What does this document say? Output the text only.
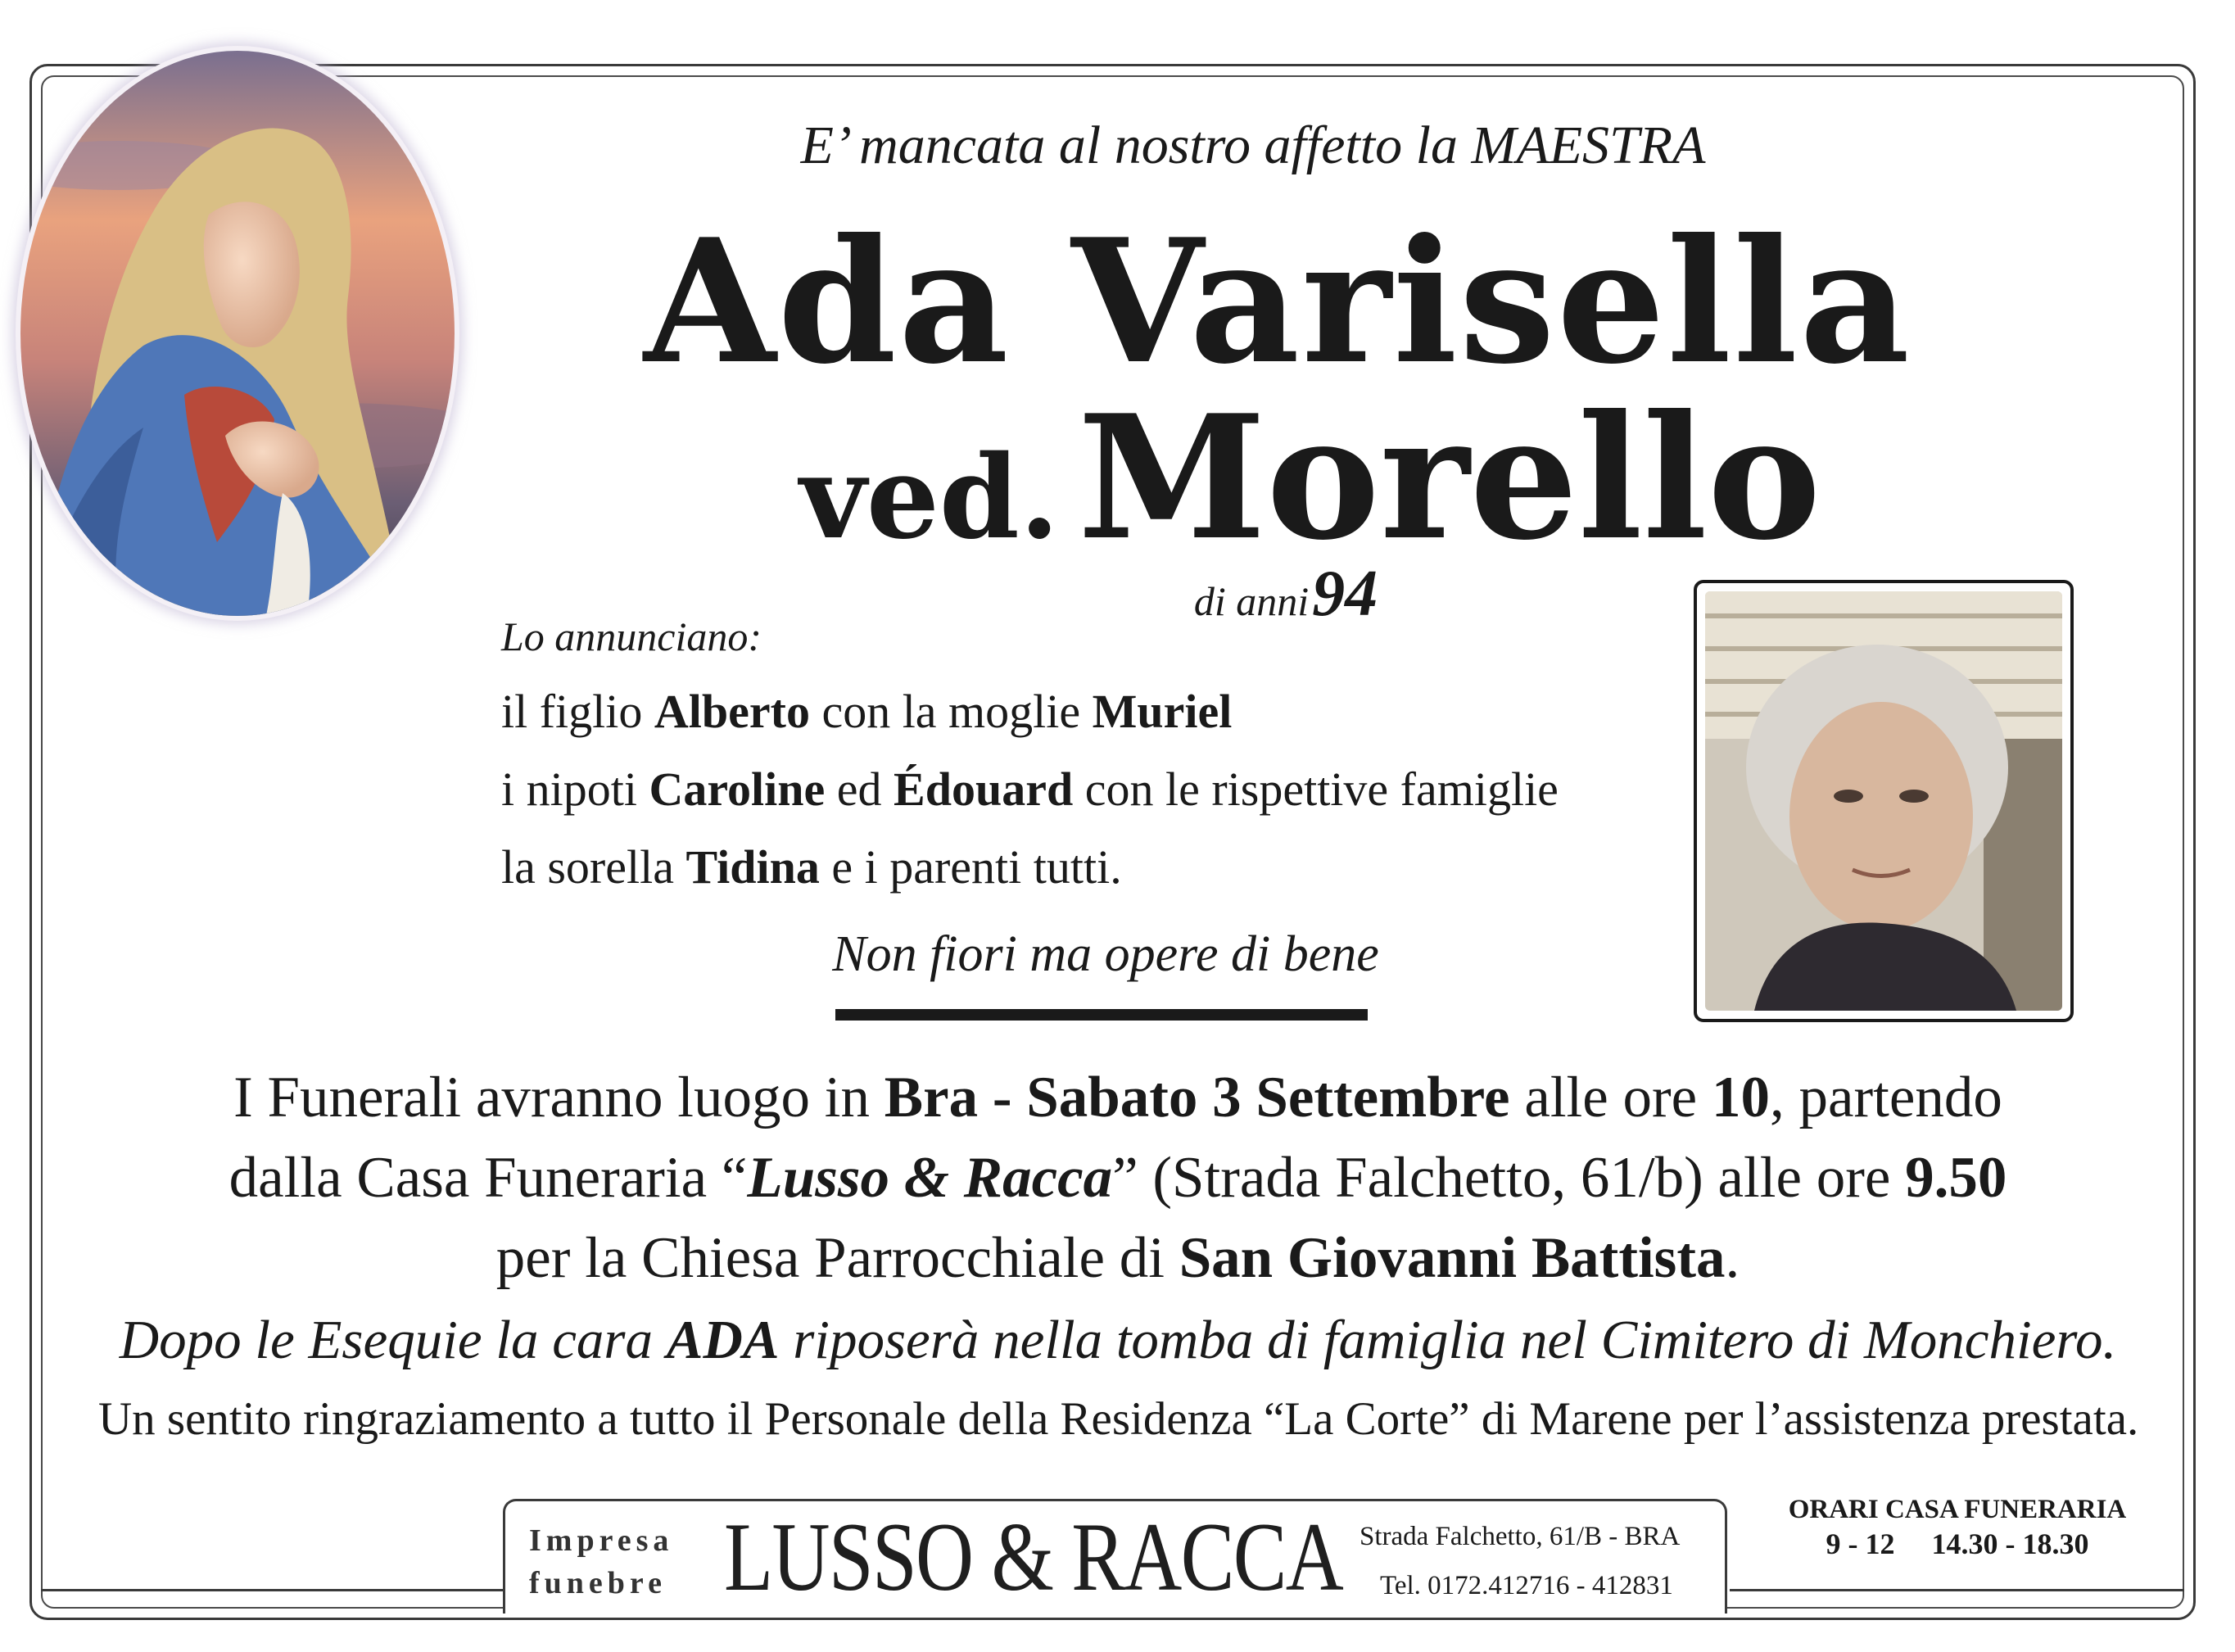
E’ mancata al nostro affetto la MAESTRA
Ada Varisella
ved. Morello
di anni 94
Lo annunciano:
il figlio Alberto con la moglie Muriel
i nipoti Caroline ed Édouard con le rispettive famiglie
la sorella Tidina e i parenti tutti.
Non fiori ma opere di bene
I Funerali avranno luogo in Bra - Sabato 3 Settembre alle ore 10, partendo
dalla Casa Funeraria “Lusso & Racca” (Strada Falchetto, 61/b) alle ore 9.50
per la Chiesa Parrocchiale di San Giovanni Battista.
Dopo le Esequie la cara ADA riposerà nella tomba di famiglia nel Cimitero di Monchiero.
Un sentito ringraziamento a tutto il Personale della Residenza “La Corte” di Marene per l’assistenza prestata.
Impresa
funebre LUSSO & RACCA Strada Falchetto, 61/B - BRA
Tel. 0172.412716 - 412831
ORARI CASA FUNERARIA
9 - 12     14.30 - 18.30
